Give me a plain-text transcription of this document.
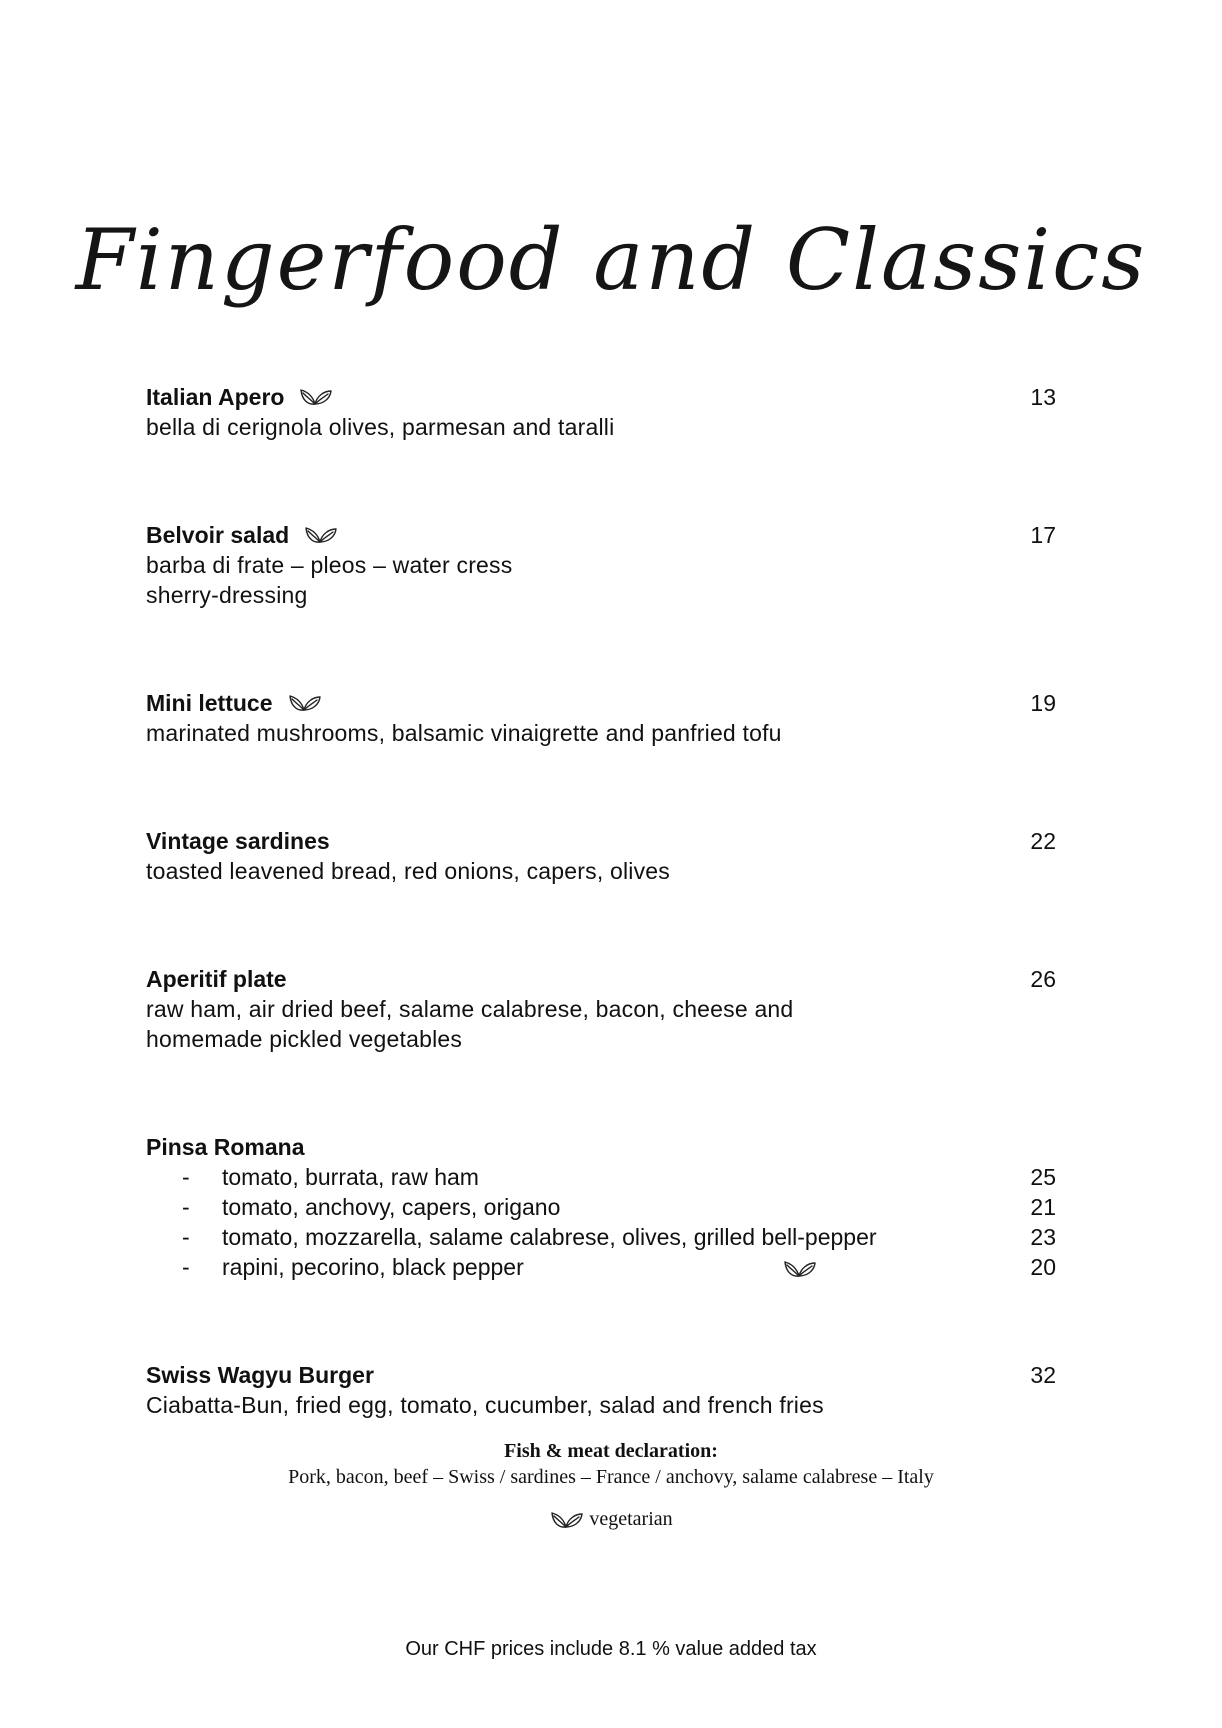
Fingerfood and Classics
Italian Apero	13
bella di cerignola olives, parmesan and taralli
Belvoir salad	17
barba di frate – pleos – water cress
sherry-dressing
Mini lettuce	19
marinated mushrooms, balsamic vinaigrette and panfried tofu
Vintage sardines	22
toasted leavened bread, red onions, capers, olives
Aperitif plate	26
raw ham, air dried beef, salame calabrese, bacon, cheese and
homemade pickled vegetables
Pinsa Romana
-	tomato, burrata, raw ham	25
-	tomato, anchovy, capers, origano	21
-	tomato, mozzarella, salame calabrese, olives, grilled bell-pepper	23
-	rapini, pecorino, black pepper	20
Swiss Wagyu Burger	32
Ciabatta-Bun, fried egg, tomato, cucumber, salad and french fries
Fish & meat declaration:
Pork, bacon, beef – Swiss / sardines – France / anchovy, salame calabrese – Italy
vegetarian
Our CHF prices include 8.1 % value added tax
